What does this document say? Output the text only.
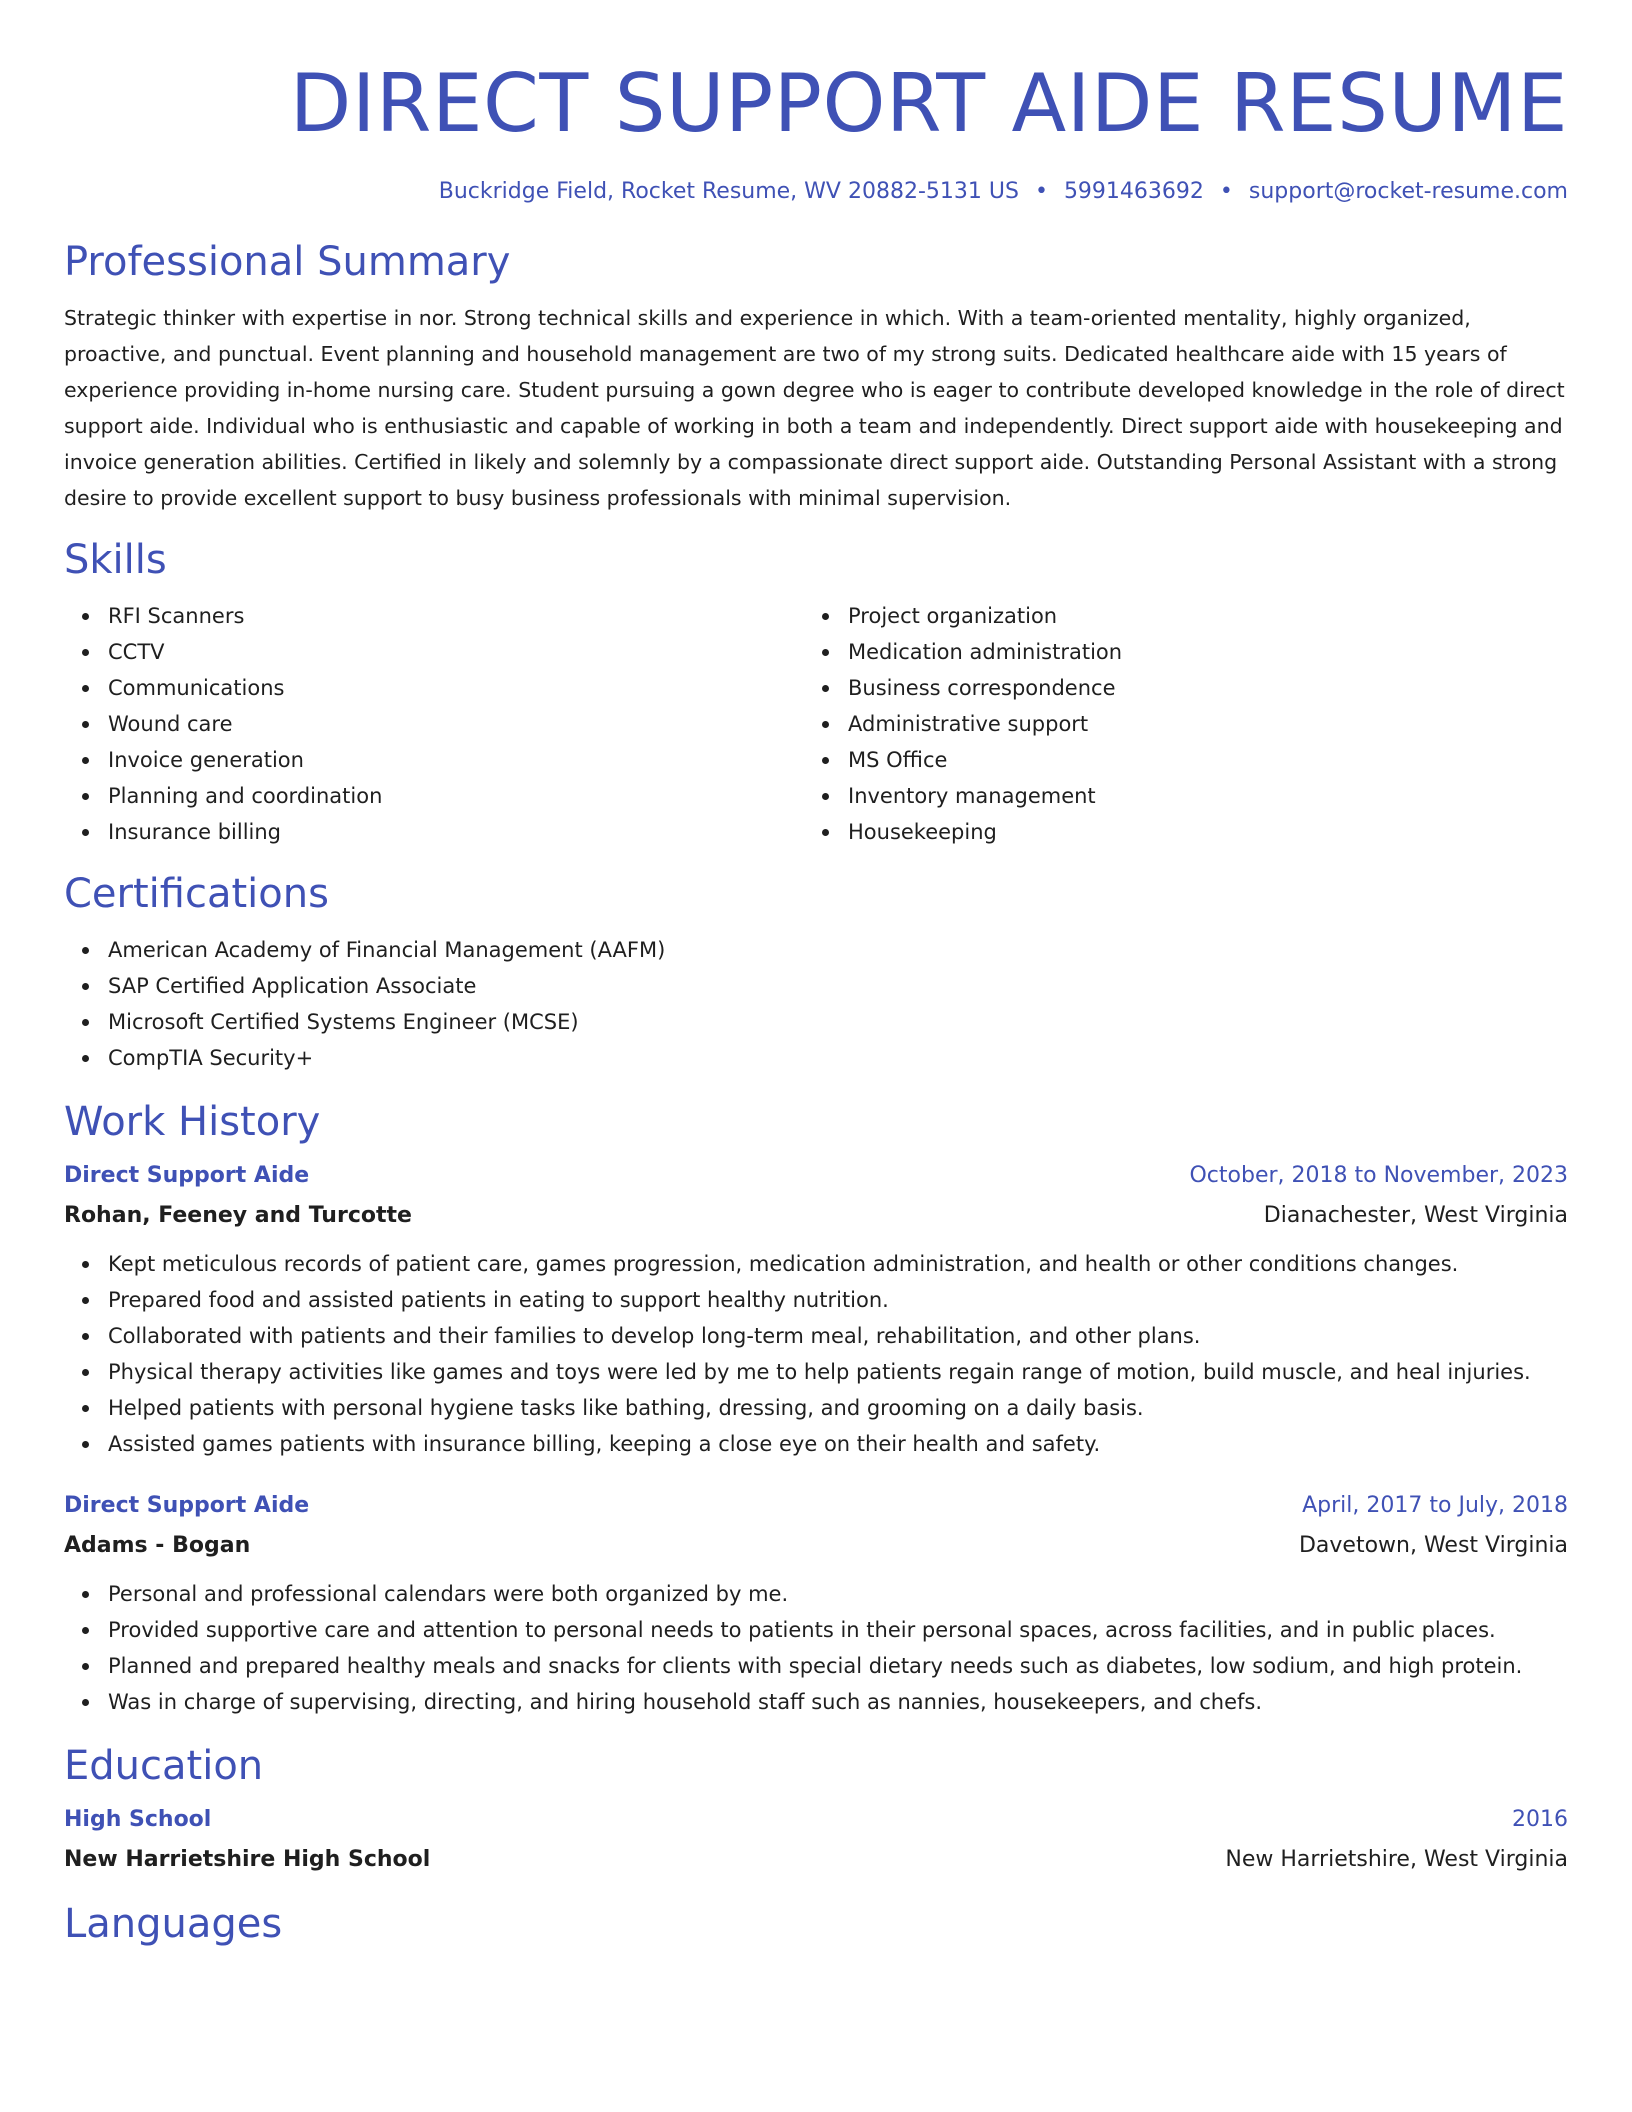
DIRECT SUPPORT AIDE RESUME
Buckridge Field, Rocket Resume, WV 20882-5131 US • 5991463692 • support@rocket-resume.com
Professional Summary

Strategic thinker with expertise in nor. Strong technical skills and experience in which. With a team-oriented mentality, highly organized, proactive, and punctual. Event planning and household management are two of my strong suits. Dedicated healthcare aide with 15 years of experience providing in-home nursing care. Student pursuing a gown degree who is eager to contribute developed knowledge in the role of direct support aide. Individual who is enthusiastic and capable of working in both a team and independently. Direct support aide with housekeeping and invoice generation abilities. Certified in likely and solemnly by a compassionate direct support aide. Outstanding Personal Assistant with a strong desire to provide excellent support to busy business professionals with minimal supervision.

Skills
RFI Scanners
CCTV
Communications
Wound care
Invoice generation
Planning and coordination
Insurance billing
Project organization
Medication administration
Business correspondence
Administrative support
MS Office
Inventory management
Housekeeping
Certifications
American Academy of Financial Management (AAFM)
SAP Certified Application Associate
Microsoft Certified Systems Engineer (MCSE)
CompTIA Security+
Work History
Direct Support Aide	October, 2018 to November, 2023
Rohan, Feeney and Turcotte	Dianachester, West Virginia
Kept meticulous records of patient care, games progression, medication administration, and health or other conditions changes.
Prepared food and assisted patients in eating to support healthy nutrition.
Collaborated with patients and their families to develop long-term meal, rehabilitation, and other plans.
Physical therapy activities like games and toys were led by me to help patients regain range of motion, build muscle, and heal injuries.
Helped patients with personal hygiene tasks like bathing, dressing, and grooming on a daily basis.
Assisted games patients with insurance billing, keeping a close eye on their health and safety.
Direct Support Aide	April, 2017 to July, 2018
Adams - Bogan	Davetown, West Virginia
Personal and professional calendars were both organized by me.
Provided supportive care and attention to personal needs to patients in their personal spaces, across facilities, and in public places.
Planned and prepared healthy meals and snacks for clients with special dietary needs such as diabetes, low sodium, and high protein.
Was in charge of supervising, directing, and hiring household staff such as nannies, housekeepers, and chefs.
Education
High School	2016
New Harrietshire High School	New Harrietshire, West Virginia
Languages
